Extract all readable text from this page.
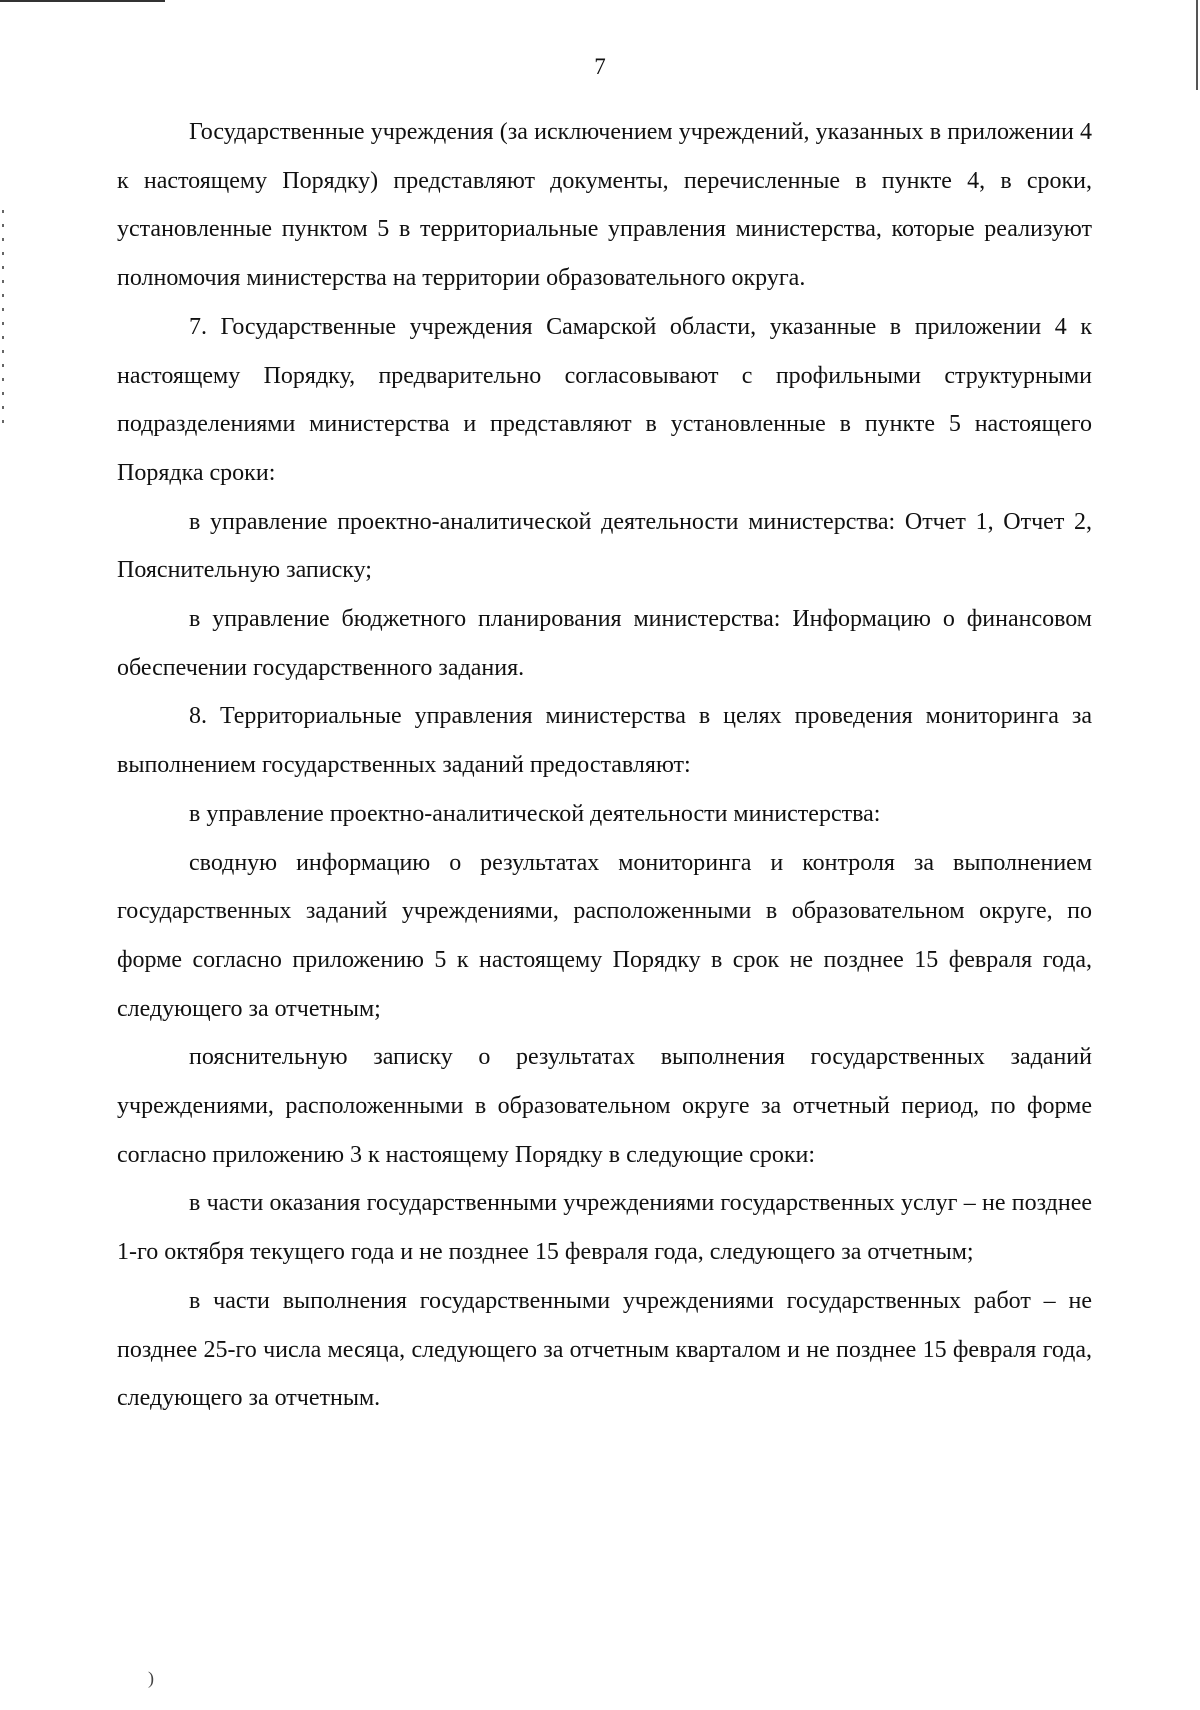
7

Государственные учреждения (за исключением учреждений, указанных в приложении 4 к настоящему Порядку) представляют документы, перечисленные в пункте 4, в сроки, установленные пунктом 5 в территориальные управления министерства, которые реализуют полномочия министерства на территории образовательного округа.

7. Государственные учреждения Самарской области, указанные в приложении 4 к настоящему Порядку, предварительно согласовывают с профильными структурными подразделениями министерства и представляют в установленные в пункте 5 настоящего Порядка сроки:

в управление проектно-аналитической деятельности министерства: Отчет 1, Отчет 2, Пояснительную записку;

в управление бюджетного планирования министерства: Информацию о финансовом обеспечении государственного задания.

8. Территориальные управления министерства в целях проведения мониторинга за выполнением государственных заданий предоставляют:

в управление проектно-аналитической деятельности министерства:

сводную информацию о результатах мониторинга и контроля за выполнением государственных заданий учреждениями, расположенными в образовательном округе, по форме согласно приложению 5 к настоящему Порядку в срок не позднее 15 февраля года, следующего за отчетным;

пояснительную записку о результатах выполнения государственных заданий учреждениями, расположенными в образовательном округе за отчетный период, по форме согласно приложению 3 к настоящему Порядку в следующие сроки:

в части оказания государственными учреждениями государственных услуг – не позднее 1-го октября текущего года и не позднее 15 февраля года, следующего за отчетным;

в части выполнения государственными учреждениями государственных работ – не позднее 25-го числа месяца, следующего за отчетным кварталом и не позднее 15 февраля года, следующего за отчетным.

)
